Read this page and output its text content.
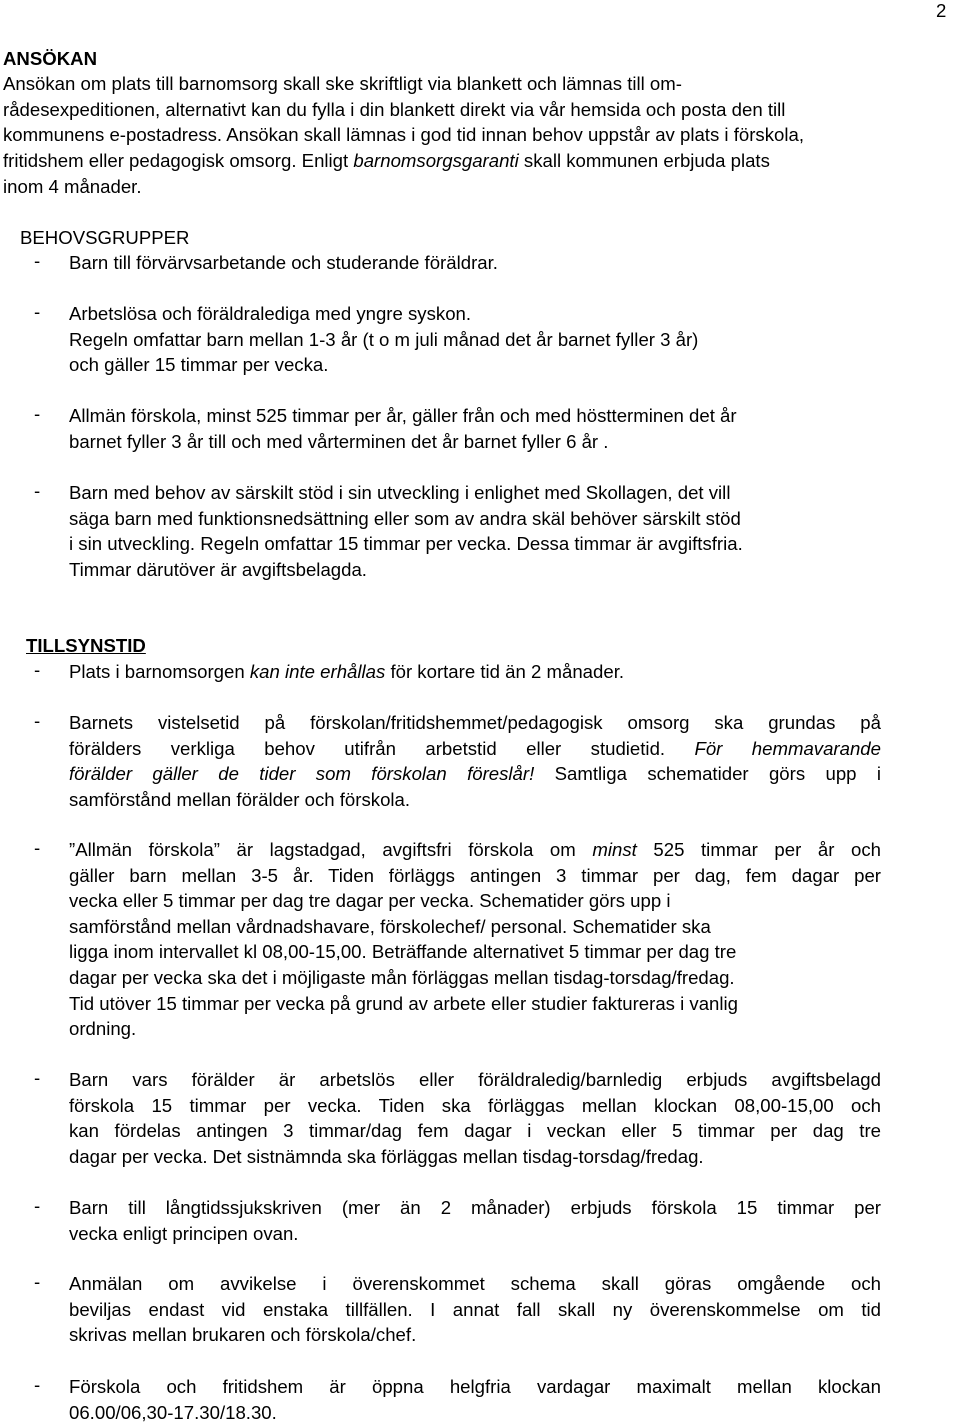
2
ANSÖKAN
Ansökan om plats till barnomsorg skall ske skriftligt via blankett och lämnas till om-
rådesexpeditionen, alternativt kan du fylla i din blankett direkt via vår hemsida och posta den till
kommunens e-postadress. Ansökan skall lämnas i god tid innan behov uppstår av plats i förskola,
fritidshem eller pedagogisk omsorg. Enligt barnomsorgsgaranti skall kommunen erbjuda plats
inom 4 månader.
BEHOVSGRUPPER
- Barn till förvärvsarbetande och studerande föräldrar.

- Arbetslösa och föräldralediga med yngre syskon.

Regeln omfattar barn mellan 1-3 år (t o m juli månad det år barnet fyller 3 år)

och gäller 15 timmar per vecka.

- Allmän förskola, minst 525 timmar per år, gäller från och med höstterminen det år

barnet fyller 3 år till och med vårterminen det år barnet fyller 6 år .

- Barn med behov av särskilt stöd i sin utveckling i enlighet med Skollagen, det vill

säga barn med funktionsnedsättning eller som av andra skäl behöver särskilt stöd

i sin utveckling. Regeln omfattar 15 timmar per vecka. Dessa timmar är avgiftsfria.

Timmar därutöver är avgiftsbelagda.

TILLSYNSTID
- Plats i barnomsorgen kan inte erhållas för kortare tid än 2 månader.

- Barnets vistelsetid på förskolan/fritidshemmet/pedagogisk omsorg ska grundas på

förälders verkliga behov utifrån arbetstid eller studietid. För hemmavarande

förälder gäller de tider som förskolan föreslår! Samtliga schematider görs upp i

samförstånd mellan förälder och förskola.

- ”Allmän förskola” är lagstadgad, avgiftsfri förskola om minst 525 timmar per år och

gäller barn mellan 3-5 år. Tiden förläggs antingen 3 timmar per dag, fem dagar per

vecka eller 5 timmar per dag tre dagar per vecka. Schematider görs upp i

samförstånd mellan vårdnadshavare, förskolechef/ personal. Schematider ska

ligga inom intervallet kl 08,00-15,00. Beträffande alternativet 5 timmar per dag tre

dagar per vecka ska det i möjligaste mån förläggas mellan tisdag-torsdag/fredag.

Tid utöver 15 timmar per vecka på grund av arbete eller studier faktureras i vanlig

ordning.

- Barn vars förälder är arbetslös eller föräldraledig/barnledig erbjuds avgiftsbelagd

förskola 15 timmar per vecka. Tiden ska förläggas mellan klockan 08,00-15,00 och

kan fördelas antingen 3 timmar/dag fem dagar i veckan eller 5 timmar per dag tre

dagar per vecka. Det sistnämnda ska förläggas mellan tisdag-torsdag/fredag.

- Barn till långtidssjukskriven (mer än 2 månader) erbjuds förskola 15 timmar per

vecka enligt principen ovan.

- Anmälan om avvikelse i överenskommet schema skall göras omgående och

beviljas endast vid enstaka tillfällen. I annat fall skall ny överenskommelse om tid

skrivas mellan brukaren och förskola/chef.

- Förskola och fritidshem är öppna helgfria vardagar maximalt mellan klockan

06.00/06,30-17.30/18.30.
